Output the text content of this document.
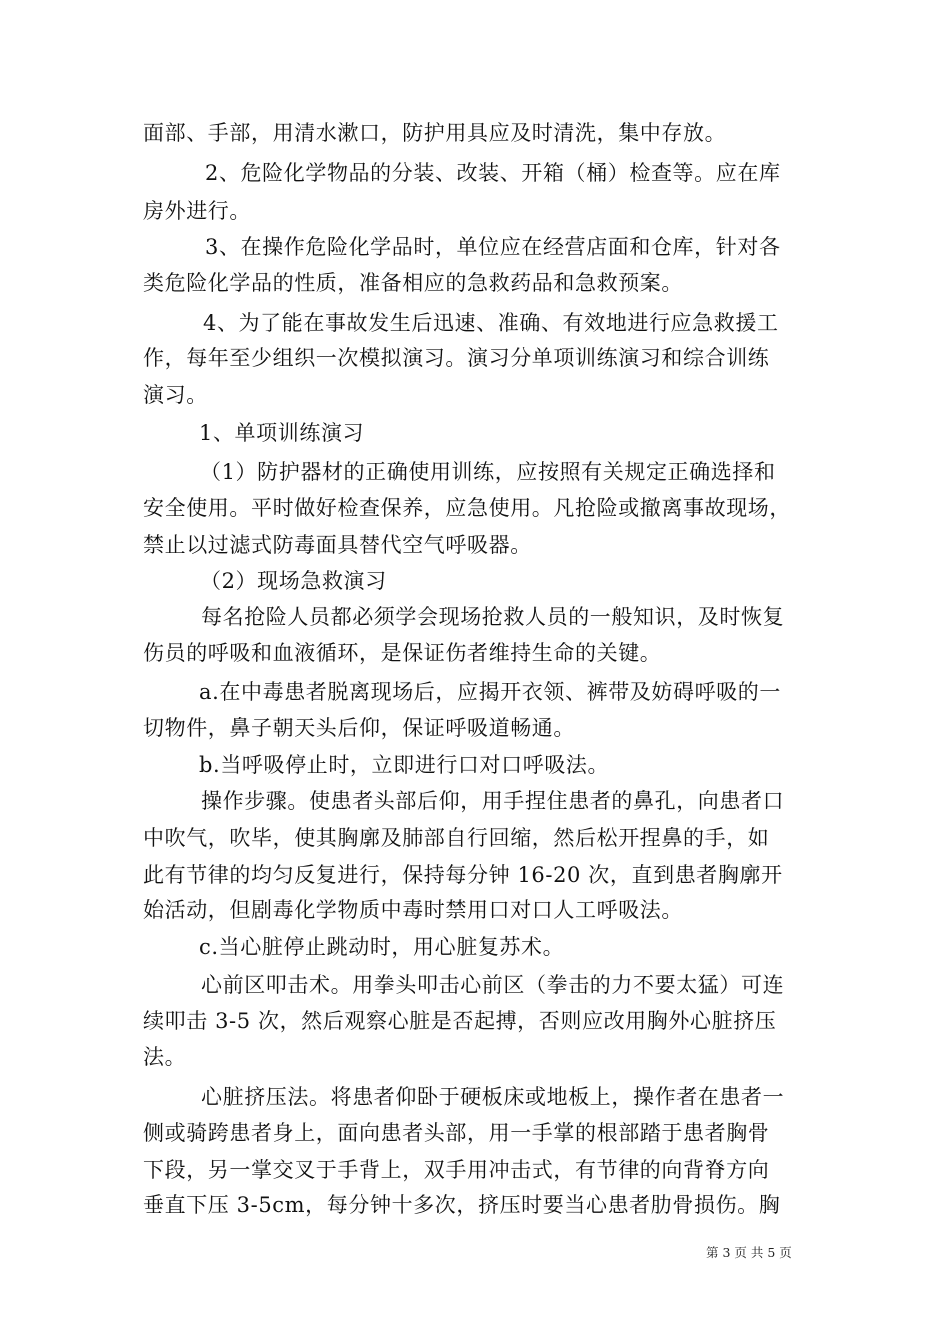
面部、手部，用清水漱口，防护用具应及时清洗，集中存放。
2、危险化学物品的分装、改装、开箱（桶）检查等。应在库
房外进行。
3、在操作危险化学品时，单位应在经营店面和仓库，针对各
类危险化学品的性质，准备相应的急救药品和急救预案。
4、为了能在事故发生后迅速、准确、有效地进行应急救援工
作，每年至少组织一次模拟演习。演习分单项训练演习和综合训练
演习。
1、单项训练演习
（1）防护器材的正确使用训练，应按照有关规定正确选择和
安全使用。平时做好检查保养，应急使用。凡抢险或撤离事故现场，
禁止以过滤式防毒面具替代空气呼吸器。
（2）现场急救演习
每名抢险人员都必须学会现场抢救人员的一般知识，及时恢复
伤员的呼吸和血液循环，是保证伤者维持生命的关键。
a.在中毒患者脱离现场后，应揭开衣领、裤带及妨碍呼吸的一
切物件，鼻子朝天头后仰，保证呼吸道畅通。
b.当呼吸停止时，立即进行口对口呼吸法。
操作步骤。使患者头部后仰，用手捏住患者的鼻孔，向患者口
中吹气，吹毕，使其胸廓及肺部自行回缩，然后松开捏鼻的手，如
此有节律的均匀反复进行，保持每分钟 16-20 次，直到患者胸廓开
始活动，但剧毒化学物质中毒时禁用口对口人工呼吸法。
c.当心脏停止跳动时，用心脏复苏术。
心前区叩击术。用拳头叩击心前区（拳击的力不要太猛）可连
续叩击 3-5 次，然后观察心脏是否起搏，否则应改用胸外心脏挤压
法。
心脏挤压法。将患者仰卧于硬板床或地板上，操作者在患者一
侧或骑跨患者身上，面向患者头部，用一手掌的根部踏于患者胸骨
下段，另一掌交叉于手背上，双手用冲击式，有节律的向背脊方向
垂直下压 3-5cm，每分钟十多次，挤压时要当心患者肋骨损伤。胸
第 3 页 共 5 页
